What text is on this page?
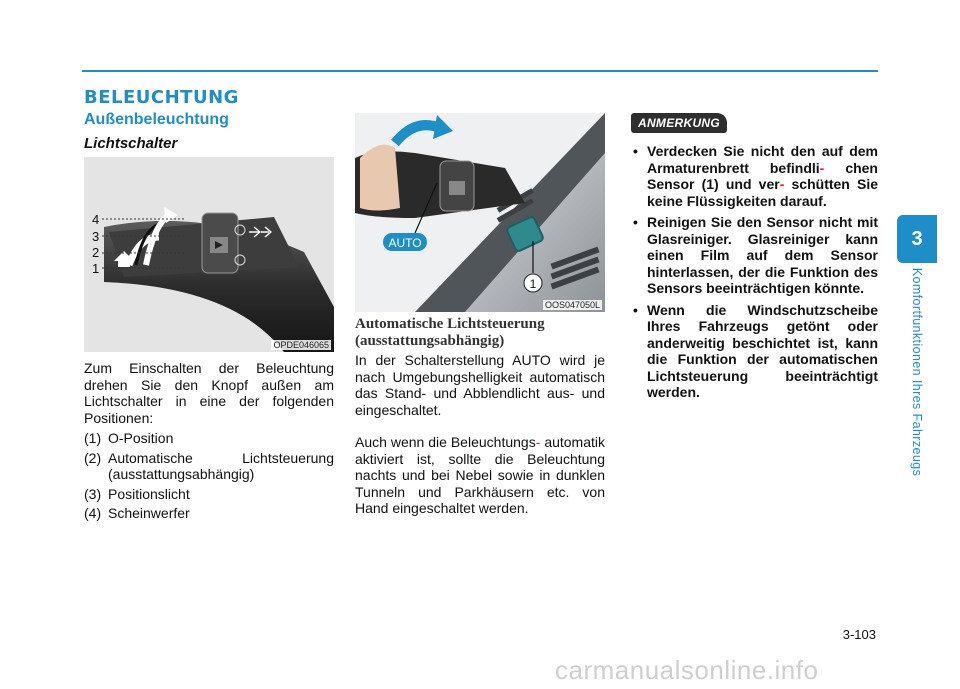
BELEUCHTUNG
Außenbeleuchtung
Lichtschalter
4
3
2
1
OPDE046065

Zum Einschalten der Beleuchtung drehen Sie den Knopf außen am Lichtschalter in eine der folgenden Positionen:

(1) O-Position
(2) Automatische Lichtsteuerung (ausstattungsabhängig)
(3) Positionslicht
(4) Scheinwerfer
AUTO
1
OOS047050L
Automatische Lichtsteuerung (ausstattungsabhängig)

In der Schalterstellung AUTO wird je nach Umgebungshelligkeit automatisch das Stand- und Abblendlicht aus- und eingeschaltet.

Auch wenn die Beleuchtungs- automatik aktiviert ist, sollte die Beleuchtung nachts und bei Nebel sowie in dunklen Tunneln und Parkhäusern etc. von Hand eingeschaltet werden.

ANMERKUNG
• Verdecken Sie nicht den auf dem Armaturenbrett befindli- chen Sensor (1) und ver- schütten Sie keine Flüssigkeiten darauf.
• Reinigen Sie den Sensor nicht mit Glasreiniger. Glasreiniger kann einen Film auf dem Sensor hinterlassen, der die Funktion des Sensors beeinträchtigen könnte.
• Wenn die Windschutzscheibe Ihres Fahrzeugs getönt oder anderweitig beschichtet ist, kann die Funktion der automatischen Lichtsteuerung beeinträchtigt werden.
3
Komfortfunktionen Ihres Fahrzeugs
3-103
carmanualsonline.info
